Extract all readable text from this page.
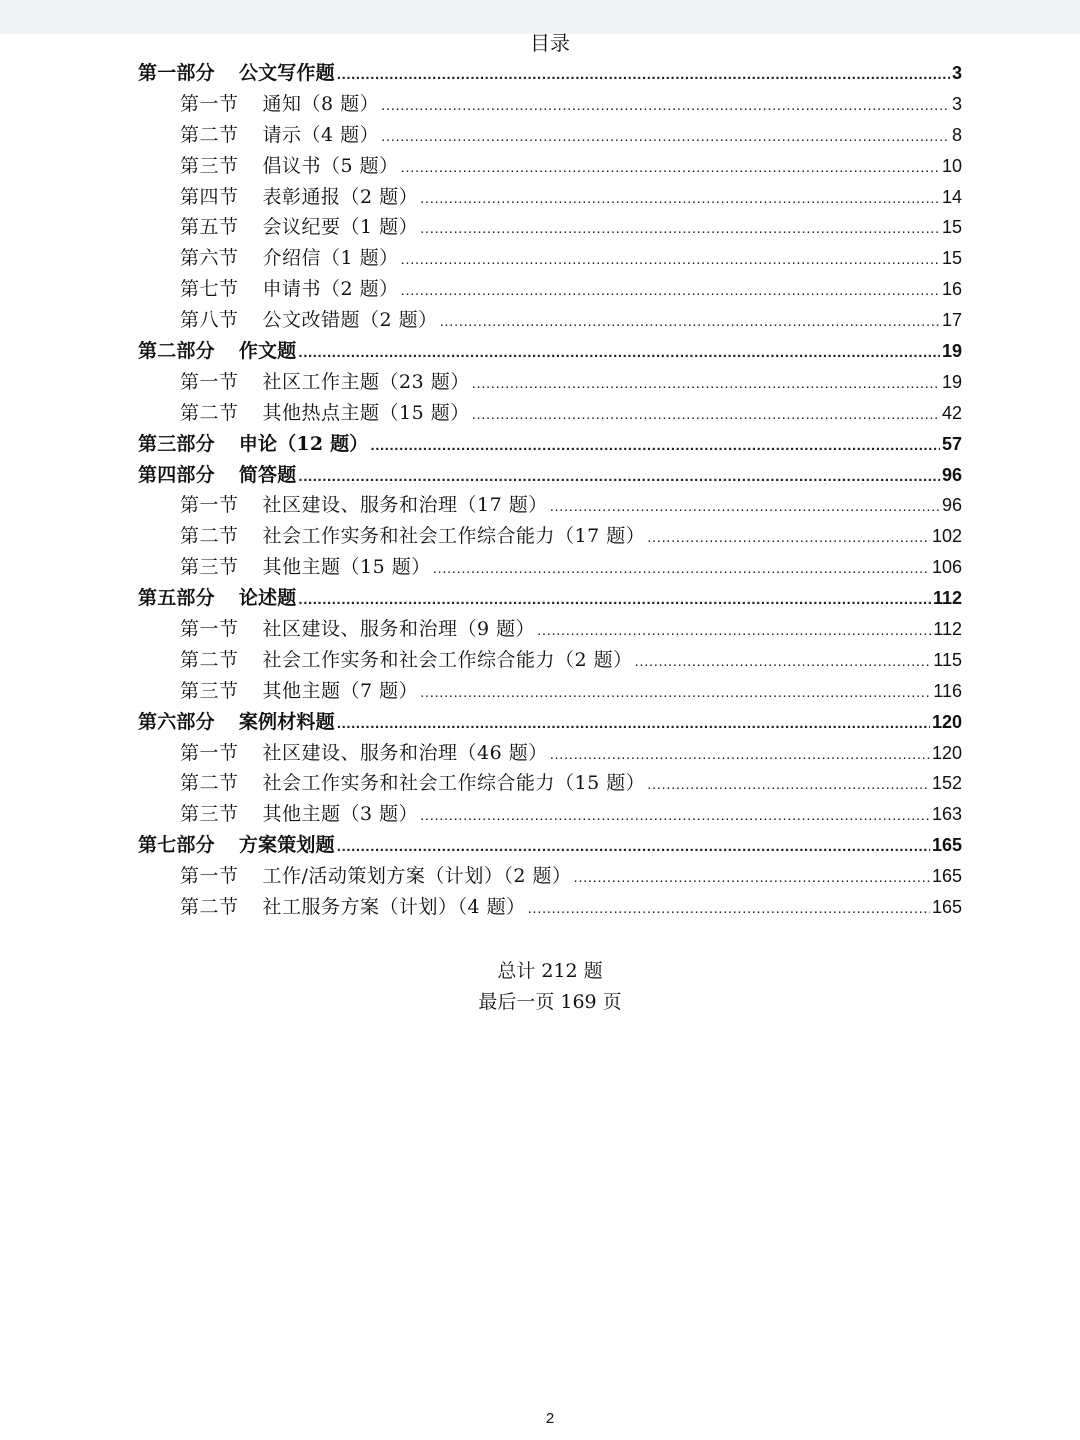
目录
第一部分 公文写作题 .....	3
第一节 通知（8 题） .....	3
第二节 请示（4 题） .....	8
第三节 倡议书（5 题） .....	10
第四节 表彰通报（2 题） .....	14
第五节 会议纪要（1 题） .....	15
第六节 介绍信（1 题） .....	15
第七节 申请书（2 题） .....	16
第八节 公文改错题（2 题） .....	17
第二部分 作文题 .....	19
第一节 社区工作主题（23 题） .....	19
第二节 其他热点主题（15 题） .....	42
第三部分 申论（12 题） .....	57
第四部分 简答题 .....	96
第一节 社区建设、服务和治理（17 题） .....	96
第二节 社会工作实务和社会工作综合能力（17 题） .....	102
第三节 其他主题（15 题） .....	106
第五部分 论述题 .....	112
第一节 社区建设、服务和治理（9 题） .....	112
第二节 社会工作实务和社会工作综合能力（2 题） .....	115
第三节 其他主题（7 题） .....	116
第六部分 案例材料题 .....	120
第一节 社区建设、服务和治理（46 题） .....	120
第二节 社会工作实务和社会工作综合能力（15 题） .....	152
第三节 其他主题（3 题） .....	163
第七部分 方案策划题 .....	165
第一节 工作/活动策划方案（计划）（2 题） .....	165
第二节 社工服务方案（计划）（4 题） .....	165
总计 212 题
最后一页 169 页
2
